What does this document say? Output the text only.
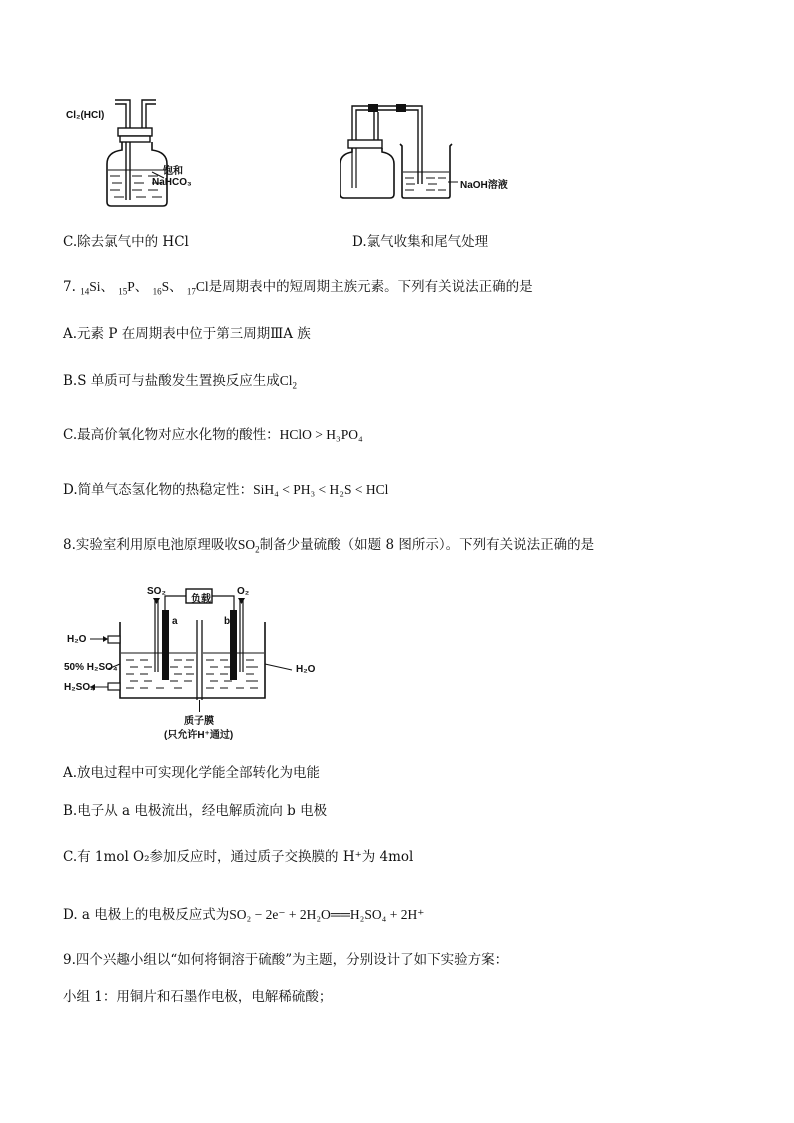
Cl₂(HCl)
饱和
NaHCO₃	NaOH溶液
C.除去氯气中的 HCl	D.氯气收集和尾气处理
7. $_{14}$Si、 $_{15}$P、 $_{16}$S、 $_{17}$Cl是周期表中的短周期主族元素。下列有关说法正确的是
A.元素 P 在周期表中位于第三周期ⅢA 族
B.S 单质可与盐酸发生置换反应生成$Cl_2$
C.最高价氧化物对应水化物的酸性：HClO > H₃PO₄
D.简单气态氢化物的热稳定性：SiH₄ < PH₃ < H₂S < HCl
8.实验室利用原电池原理吸收$SO_2$制备少量硫酸（如题 8 图所示）。下列有关说法正确的是
SO₂
负载
O₂
a	b
H₂O
50% H₂SO₄
H₂SO₄
H₂O
质子膜
(只允许H⁺通过)
A.放电过程中可实现化学能全部转化为电能
B.电子从 a 电极流出，经电解质流向 b 电极
C.有 1mol O₂参加反应时，通过质子交换膜的 H⁺为 4mol
D. a 电极上的电极反应式为SO₂ − 2e⁻ + 2H₂O══H₂SO₄ + 2H⁺
9.四个兴趣小组以“如何将铜溶于硫酸”为主题，分别设计了如下实验方案：
小组 1：用铜片和石墨作电极，电解稀硫酸；
